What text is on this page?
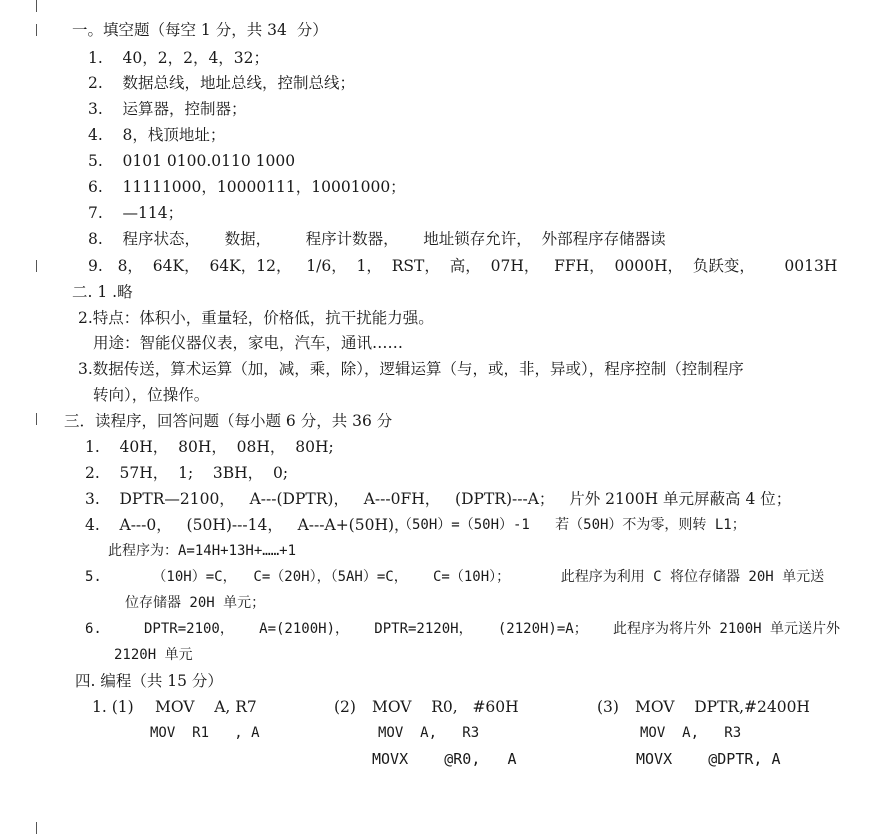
一。填空题（每空 1 分，共 34  分）
1.    40，2，2，4，32；
2.    数据总线，地址总线，控制总线；
3.    运算器，控制器；
4.    8，栈顶地址；
5.    0101 0100.0110 1000
6.    11111000，10000111，10001000；
7.    —114；
8.    程序状态，     数据，       程序计数器，     地址锁存允许，  外部程序存储器读
9.   8，  64K，  64K，12，   1/6，  1，  RST，  高，  07H，   FFH，  0000H，  负跃变，      0013H
二. 1 .略
2.特点：体积小，重量轻，价格低，抗干扰能力强。
用途：智能仪器仪表，家电，汽车，通讯……
3.数据传送，算术运算（加，减，乘，除），逻辑运算（与，或，非，异或），程序控制（控制程序
转向），位操作。
三．读程序，回答问题（每小题 6 分，共 36 分
1.    40H，  80H，  08H，  80H;
2.    57H，  1;    3BH，  0;
3.    DPTR—2100，   A---(DPTR)，   A---0FH，   (DPTR)---A；   片外 2100H 单元屏蔽高 4 位；
4.    A---0，   (50H)---14，   A---A+(50H)，
（50H）=（50H）-1   若（50H）不为零，则转 L1；
此程序为：A=14H+13H+……+1
5.      （10H）=C，  C=（20H），（5AH）=C，   C=（10H）；      此程序为利用 C 将位存储器 20H 单元送
位存储器 20H 单元；
6.     DPTR=2100，   A=(2100H)，   DPTR=2120H，   (2120H)=A；   此程序为将片外 2100H 单元送片外
2120H 单元
四. 编程（共 15 分）
1. (1) MOV    A, R7
MOV  R1   , A
(2) MOV    R0,   #60H
MOV  A,   R3
MOVX    @R0,   A
(3) MOV    DPTR,#2400H
MOV  A,   R3
MOVX    @DPTR, A
